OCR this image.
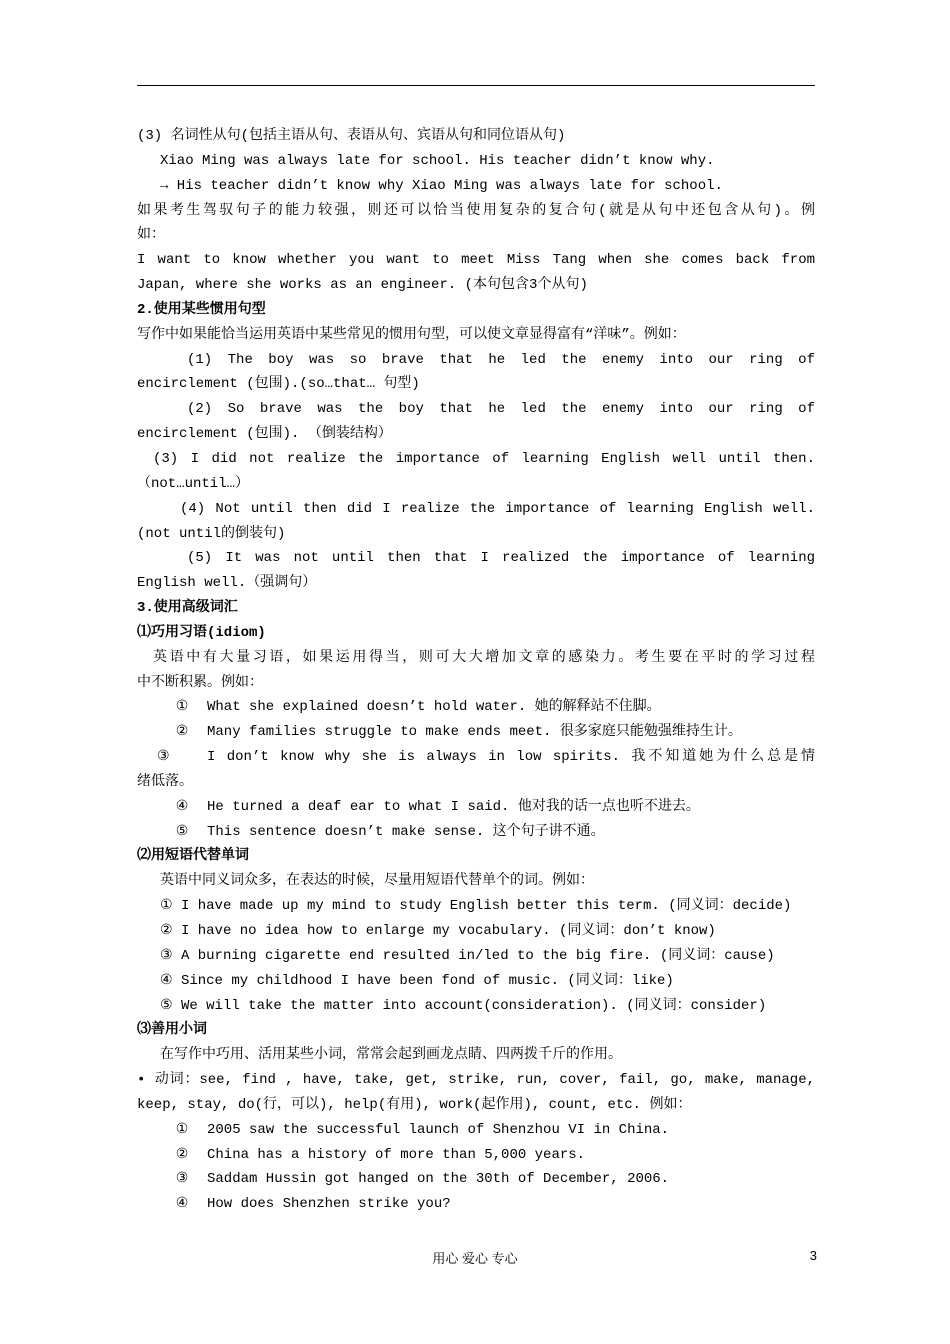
(3) 名词性从句(包括主语从句、表语从句、宾语从句和同位语从句)
Xiao Ming was always late for school. His teacher didn’t know why.
→ His teacher didn’t know why Xiao Ming was always late for school.
如果考生驾驭句子的能力较强，则还可以恰当使用复杂的复合句(就是从句中还包含从句)。例
如：
I want to know whether you want to meet Miss Tang when she comes back from
Japan, where she works as an engineer. (本句包含3个从句)
2.使用某些惯用句型
写作中如果能恰当运用英语中某些常见的惯用句型，可以使文章显得富有“洋味”。例如：
(1) The boy was so brave that he led the enemy into our ring of
encirclement (包围).(so…that… 句型)
(2) So brave was the boy that he led the enemy into our ring of
encirclement (包围). （倒装结构）
(3) I did not realize the importance of learning English well until then.
（not…until…）
(4) Not until then did I realize the importance of learning English well.
(not until的倒装句)
(5) It was not until then that I realized the importance of learning
English well.（强调句）
3.使用高级词汇
⑴巧用习语(idiom)
英语中有大量习语，如果运用得当，则可大大增加文章的感染力。考生要在平时的学习过程
中不断积累。例如：
① What she explained doesn’t hold water. 她的解释站不住脚。
② Many families struggle to make ends meet. 很多家庭只能勉强维持生计。
③	I don’t know why she is always in low spirits. 我不知道她为什么总是情
绪低落。
④ He turned a deaf ear to what I said. 他对我的话一点也听不进去。
⑤ This sentence doesn’t make sense. 这个句子讲不通。
⑵用短语代替单词
英语中同义词众多，在表达的时候，尽量用短语代替单个的词。例如：
① I have made up my mind to study English better this term. (同义词：decide)
② I have no idea how to enlarge my vocabulary. (同义词：don’t know)
③ A burning cigarette end resulted in/led to the big fire. (同义词：cause)
④ Since my childhood I have been fond of music. (同义词：like)
⑤ We will take the matter into account(consideration). (同义词：consider)
⑶善用小词
在写作中巧用、活用某些小词，常常会起到画龙点睛、四两拨千斤的作用。
• 动词：see, find , have, take, get, strike, run, cover, fail, go, make, manage,
keep, stay, do(行，可以), help(有用), work(起作用), count, etc. 例如：
① 2005 saw the successful launch of Shenzhou VI in China.
② China has a history of more than 5,000 years.
③ Saddam Hussin got hanged on the 30th of December, 2006.
④ How does Shenzhen strike you?
用心 爱心 专心	3
